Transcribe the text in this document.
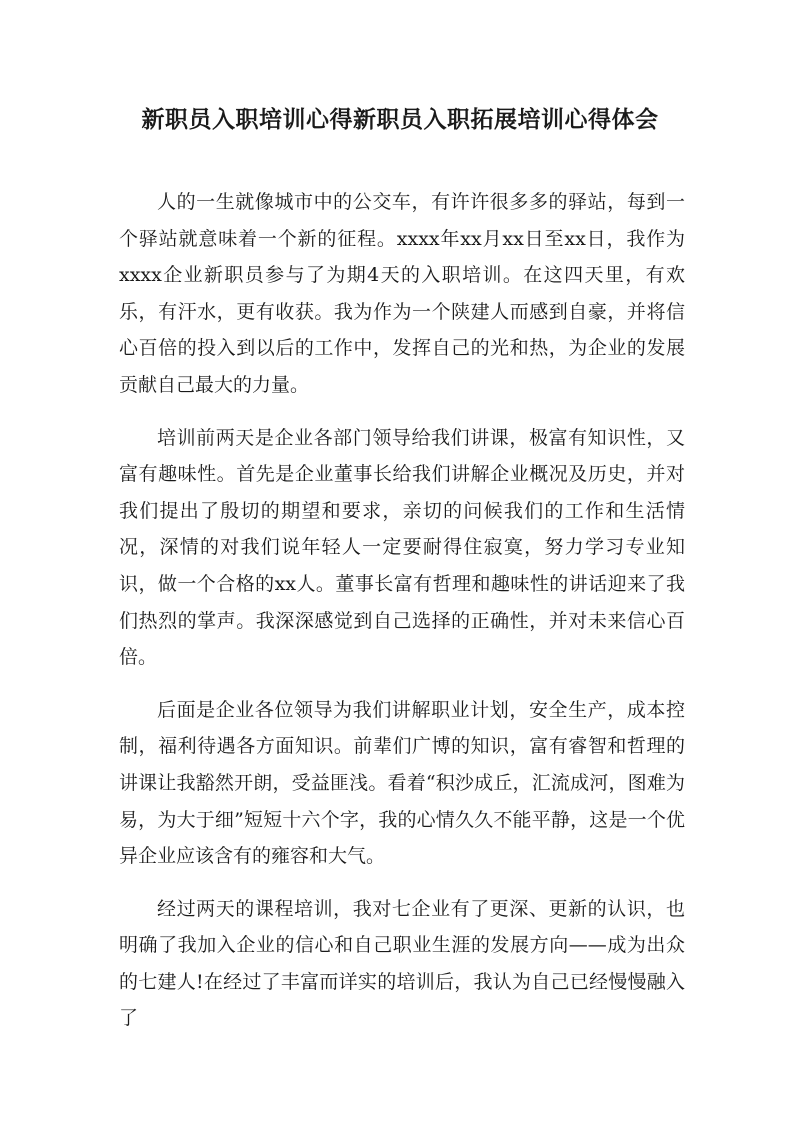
新职员入职培训心得新职员入职拓展培训心得体会

人的一生就像城市中的公交车，有许许很多多的驿站，每到一个驿站就意味着一个新的征程。xxxx年xx月xx日至xx日，我作为xxxx企业新职员参与了为期4天的入职培训。在这四天里，有欢乐，有汗水，更有收获。我为作为一个陕建人而感到自豪，并将信心百倍的投入到以后的工作中，发挥自己的光和热，为企业的发展贡献自己最大的力量。

培训前两天是企业各部门领导给我们讲课，极富有知识性，又富有趣味性。首先是企业董事长给我们讲解企业概况及历史，并对我们提出了殷切的期望和要求，亲切的问候我们的工作和生活情况，深情的对我们说年轻人一定要耐得住寂寞，努力学习专业知识，做一个合格的xx人。董事长富有哲理和趣味性的讲话迎来了我们热烈的掌声。我深深感觉到自己选择的正确性，并对未来信心百倍。

后面是企业各位领导为我们讲解职业计划，安全生产，成本控制，福利待遇各方面知识。前辈们广博的知识，富有睿智和哲理的讲课让我豁然开朗，受益匪浅。看着“积沙成丘，汇流成河，图难为易，为大于细”短短十六个字，我的心情久久不能平静，这是一个优异企业应该含有的雍容和大气。

经过两天的课程培训，我对七企业有了更深、更新的认识，也明确了我加入企业的信心和自己职业生涯的发展方向——成为出众的七建人!在经过了丰富而详实的培训后，我认为自己已经慢慢融入了
